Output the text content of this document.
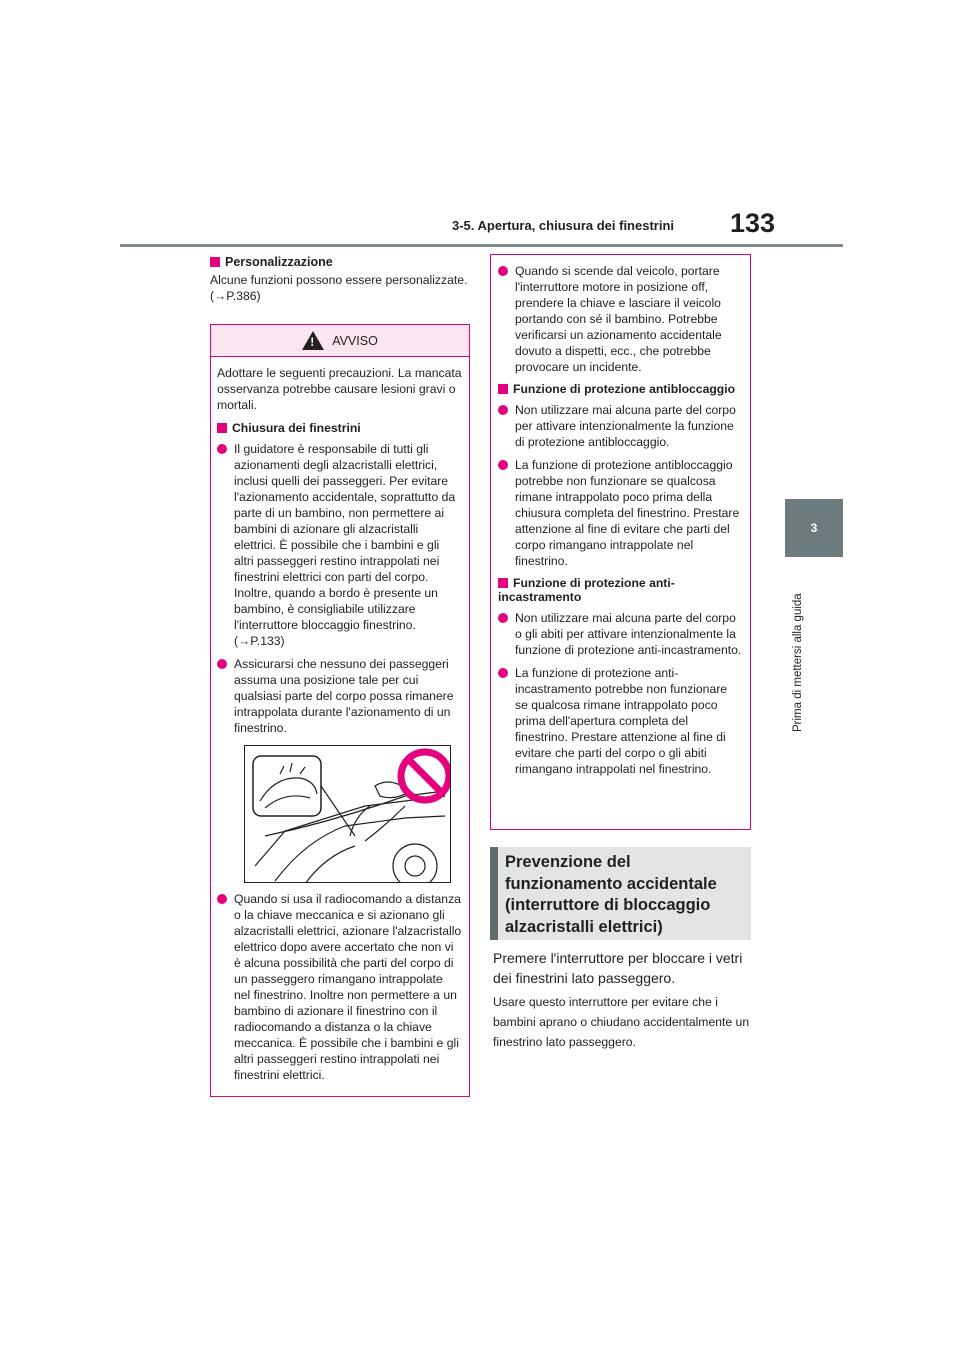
3-5. Apertura, chiusura dei finestrini 133
3
Prima di mettersi alla guida
Personalizzazione
Alcune funzioni possono essere personalizzate. (→P.386)
!
AVVISO
Adottare le seguenti precauzioni. La mancata osservanza potrebbe causare lesioni gravi o mortali.
Chiusura dei finestrini
Il guidatore è responsabile di tutti gli azionamenti degli alzacristalli elettrici, inclusi quelli dei passeggeri. Per evitare l'azionamento accidentale, soprattutto da parte di un bambino, non permettere ai bambini di azionare gli alzacristalli elettrici. È possibile che i bambini e gli altri passeggeri restino intrappolati nei finestrini elettrici con parti del corpo. Inoltre, quando a bordo è presente un bambino, è consigliabile utilizzare l'interruttore bloccaggio finestrino. (→P.133)
Assicurarsi che nessuno dei passeggeri assuma una posizione tale per cui qualsiasi parte del corpo possa rimanere intrappolata durante l'azionamento di un finestrino.
Quando si usa il radiocomando a distanza o la chiave meccanica e si azionano gli alzacristalli elettrici, azionare l'alzacristallo elettrico dopo avere accertato che non vi è alcuna possibilità che parti del corpo di un passeggero rimangano intrappolate nel finestrino. Inoltre non permettere a un bambino di azionare il finestrino con il radiocomando a distanza o la chiave meccanica. È possibile che i bambini e gli altri passeggeri restino intrappolati nei finestrini elettrici.
Quando si scende dal veicolo, portare l'interruttore motore in posizione off, prendere la chiave e lasciare il veicolo portando con sé il bambino. Potrebbe verificarsi un azionamento accidentale dovuto a dispetti, ecc., che potrebbe provocare un incidente.
Funzione di protezione antibloccaggio
Non utilizzare mai alcuna parte del corpo per attivare intenzionalmente la funzione di protezione antibloccaggio.
La funzione di protezione antibloccaggio potrebbe non funzionare se qualcosa rimane intrappolato poco prima della chiusura completa del finestrino. Prestare attenzione al fine di evitare che parti del corpo rimangano intrappolate nel finestrino.
Funzione di protezione anti-incastramento
Non utilizzare mai alcuna parte del corpo o gli abiti per attivare intenzionalmente la funzione di protezione anti-incastramento.
La funzione di protezione anti-incastramento potrebbe non funzionare se qualcosa rimane intrappolato poco prima dell'apertura completa del finestrino. Prestare attenzione al fine di evitare che parti del corpo o gli abiti rimangano intrappolati nel finestrino.
Prevenzione del funzionamento accidentale (interruttore di bloccaggio alzacristalli elettrici)
Premere l'interruttore per bloccare i vetri dei finestrini lato passeggero.
Usare questo interruttore per evitare che i bambini aprano o chiudano accidentalmente un finestrino lato passeggero.
